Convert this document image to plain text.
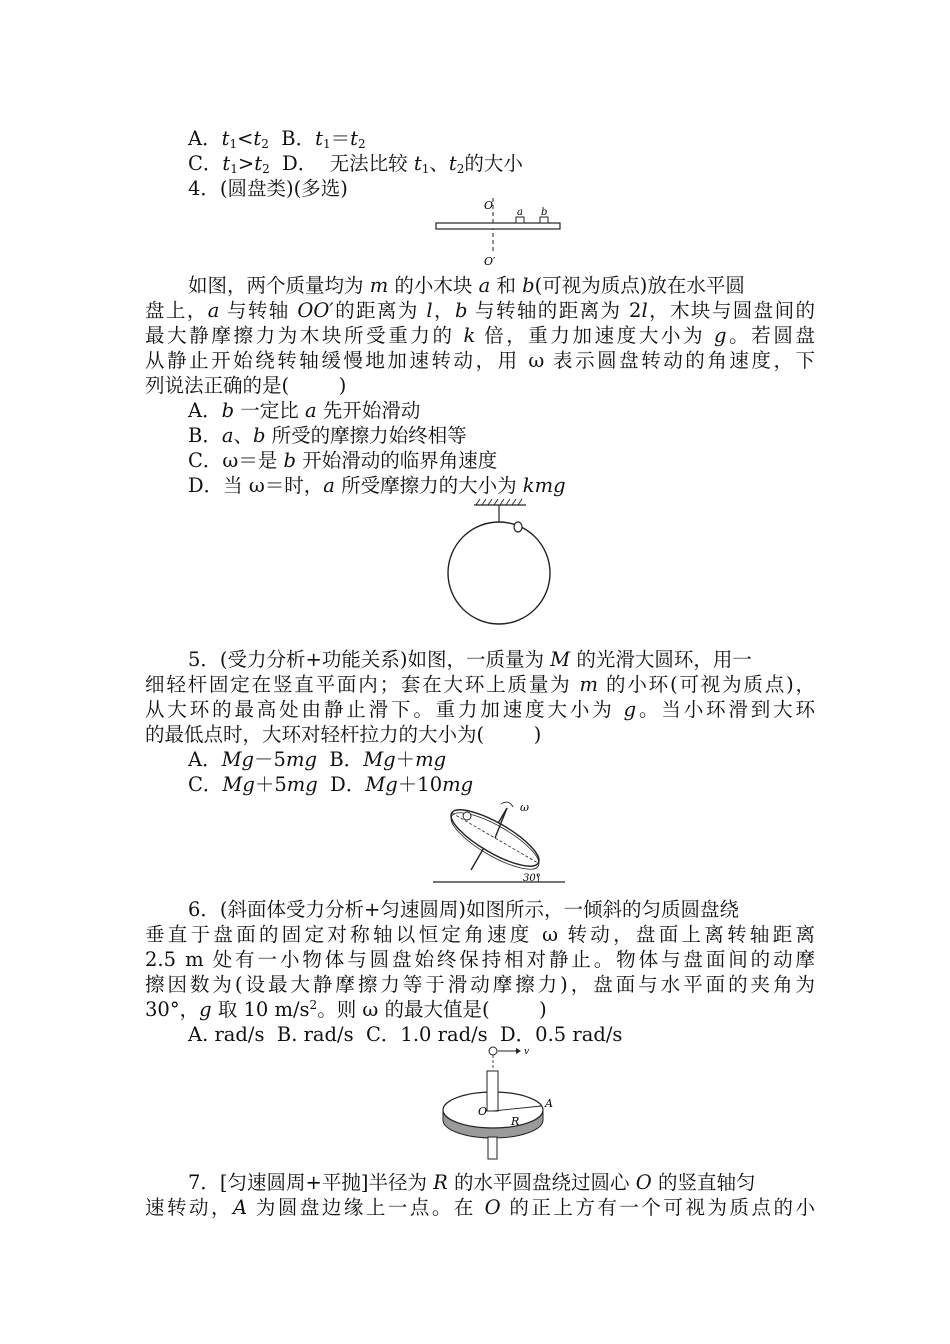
A．$t_1<t_2$  B．$t_1=t_2$
C．$t_1>t_2$  D．  无法比较 $t_1$、$t_2$的大小
4．(圆盘类)(多选)
O
O′
a b
如图，两个质量均为 m 的小木块 a 和 b(可视为质点)放在水平圆
盘上，a 与转轴 OO′的距离为 l，b 与转轴的距离为 2l，木块与圆盘间的
最大静摩擦力为木块所受重力的 k 倍，重力加速度大小为 g。若圆盘
从静止开始绕转轴缓慢地加速转动，用 ω 表示圆盘转动的角速度，下
列说法正确的是(        )
A．b 一定比 a 先开始滑动
B．a、b 所受的摩擦力始终相等
C．ω＝是 b 开始滑动的临界角速度
D．当 ω＝时，a 所受摩擦力的大小为 kmg
5．(受力分析+功能关系)如图，一质量为 M 的光滑大圆环，用一
细轻杆固定在竖直平面内；套在大环上质量为 m 的小环(可视为质点)，
从大环的最高处由静止滑下。重力加速度大小为 g。当小环滑到大环
的最低点时，大环对轻杆拉力的大小为(        )
A．Mg－5mg  B．Mg＋mg
C．Mg＋5mg  D．Mg＋10mg
ω
30°
6．(斜面体受力分析+匀速圆周)如图所示，一倾斜的匀质圆盘绕
垂直于盘面的固定对称轴以恒定角速度 ω 转动，盘面上离转轴距离
2.5 m 处有一小物体与圆盘始终保持相对静止。物体与盘面间的动摩
擦因数为(设最大静摩擦力等于滑动摩擦力)，盘面与水平面的夹角为
30°，g 取 10 $m/s^2$。则 ω 的最大值是(        )
A. rad/s  B. rad/s  C．1.0 rad/s  D．0.5 rad/s
v
O
R
A
7．[匀速圆周+平抛]半径为 R 的水平圆盘绕过圆心 O 的竖直轴匀
速转动，A 为圆盘边缘上一点。在 O 的正上方有一个可视为质点的小
